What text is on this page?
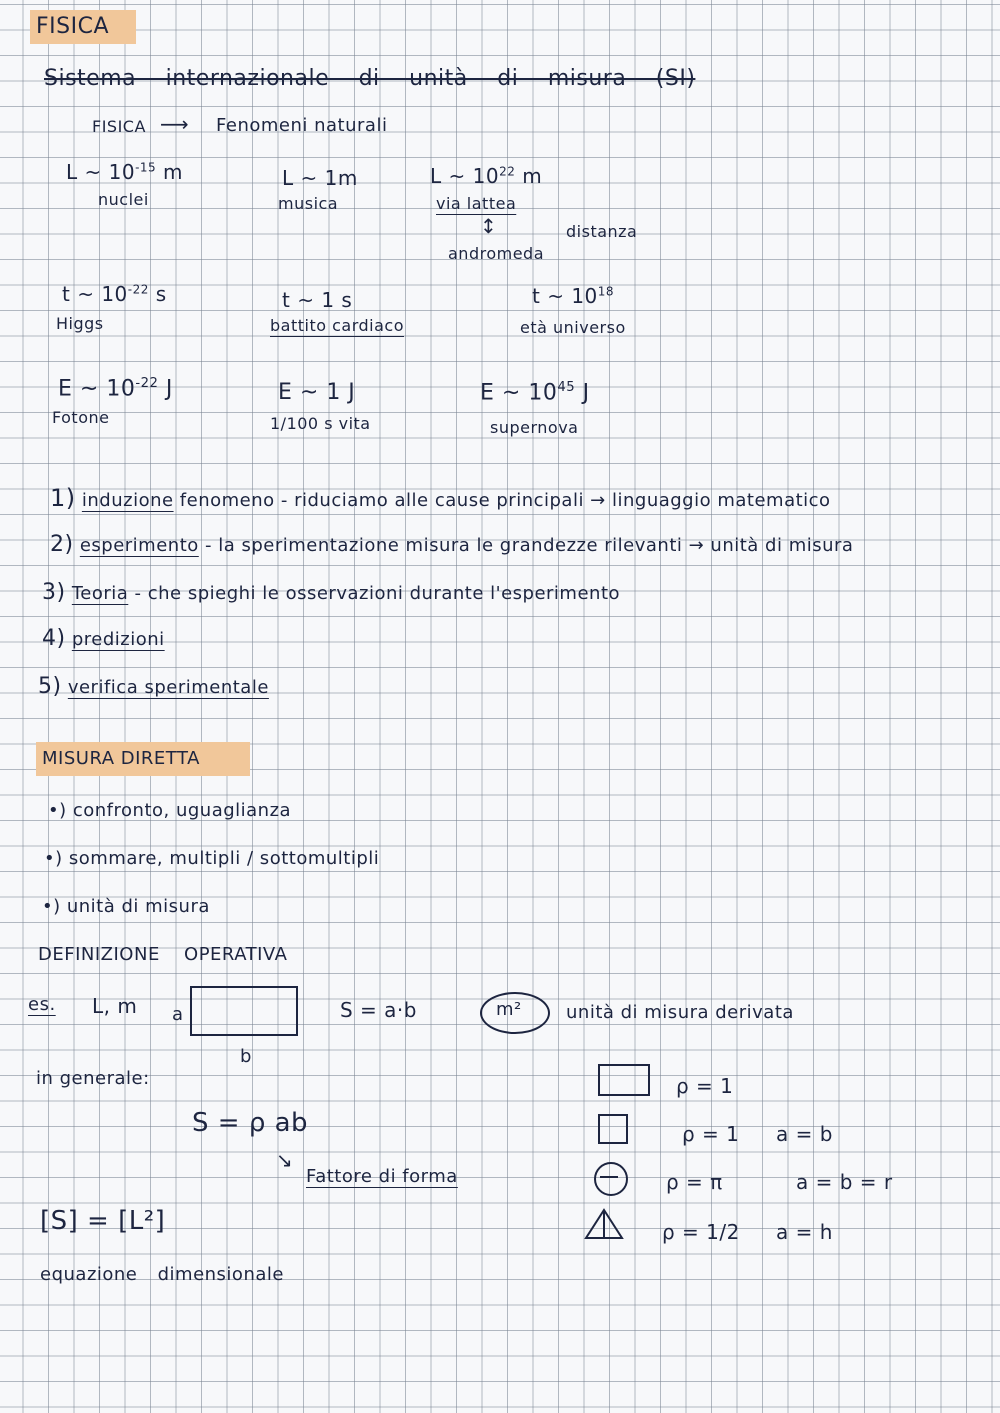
FISICA
Sistema internazionale di unità di misura (SI)
FISICA ⟶ Fenomeni naturali
L ~ $10^{-15}$ m
nuclei
L ~ 1m
musica
L ~ $10^{22}$ m
via lattea
↕	distanza
andromeda
t ~ $10^{-22}$ s
Higgs
t ~ 1 s
battito cardiaco
t ~ $10^{18}$
età universo
E ~ $10^{-22}$ J
Fotone
E ~ 1 J
1/100 s vita
E ~ $10^{45}$ J
supernova
1) induzione fenomeno - riduciamo alle cause principali → linguaggio matematico
2) esperimento - la sperimentazione misura le grandezze rilevanti → unità di misura
3) Teoria - che spieghi le osservazioni durante l'esperimento
4) predizioni
5) verifica sperimentale
MISURA DIRETTA
•) confronto, uguaglianza
•) sommare, multipli / sottomultipli
•) unità di misura
DEFINIZIONE OPERATIVA
es. L, m a
b
S = a·b	m² unità di misura derivata
in generale:
S = ρ ab
↘
Fattore di forma
ρ = 1
ρ = 1 a = b
ρ = π	a = b = r
ρ = 1/2 a = h
[S] = [L²]
equazione dimensionale
